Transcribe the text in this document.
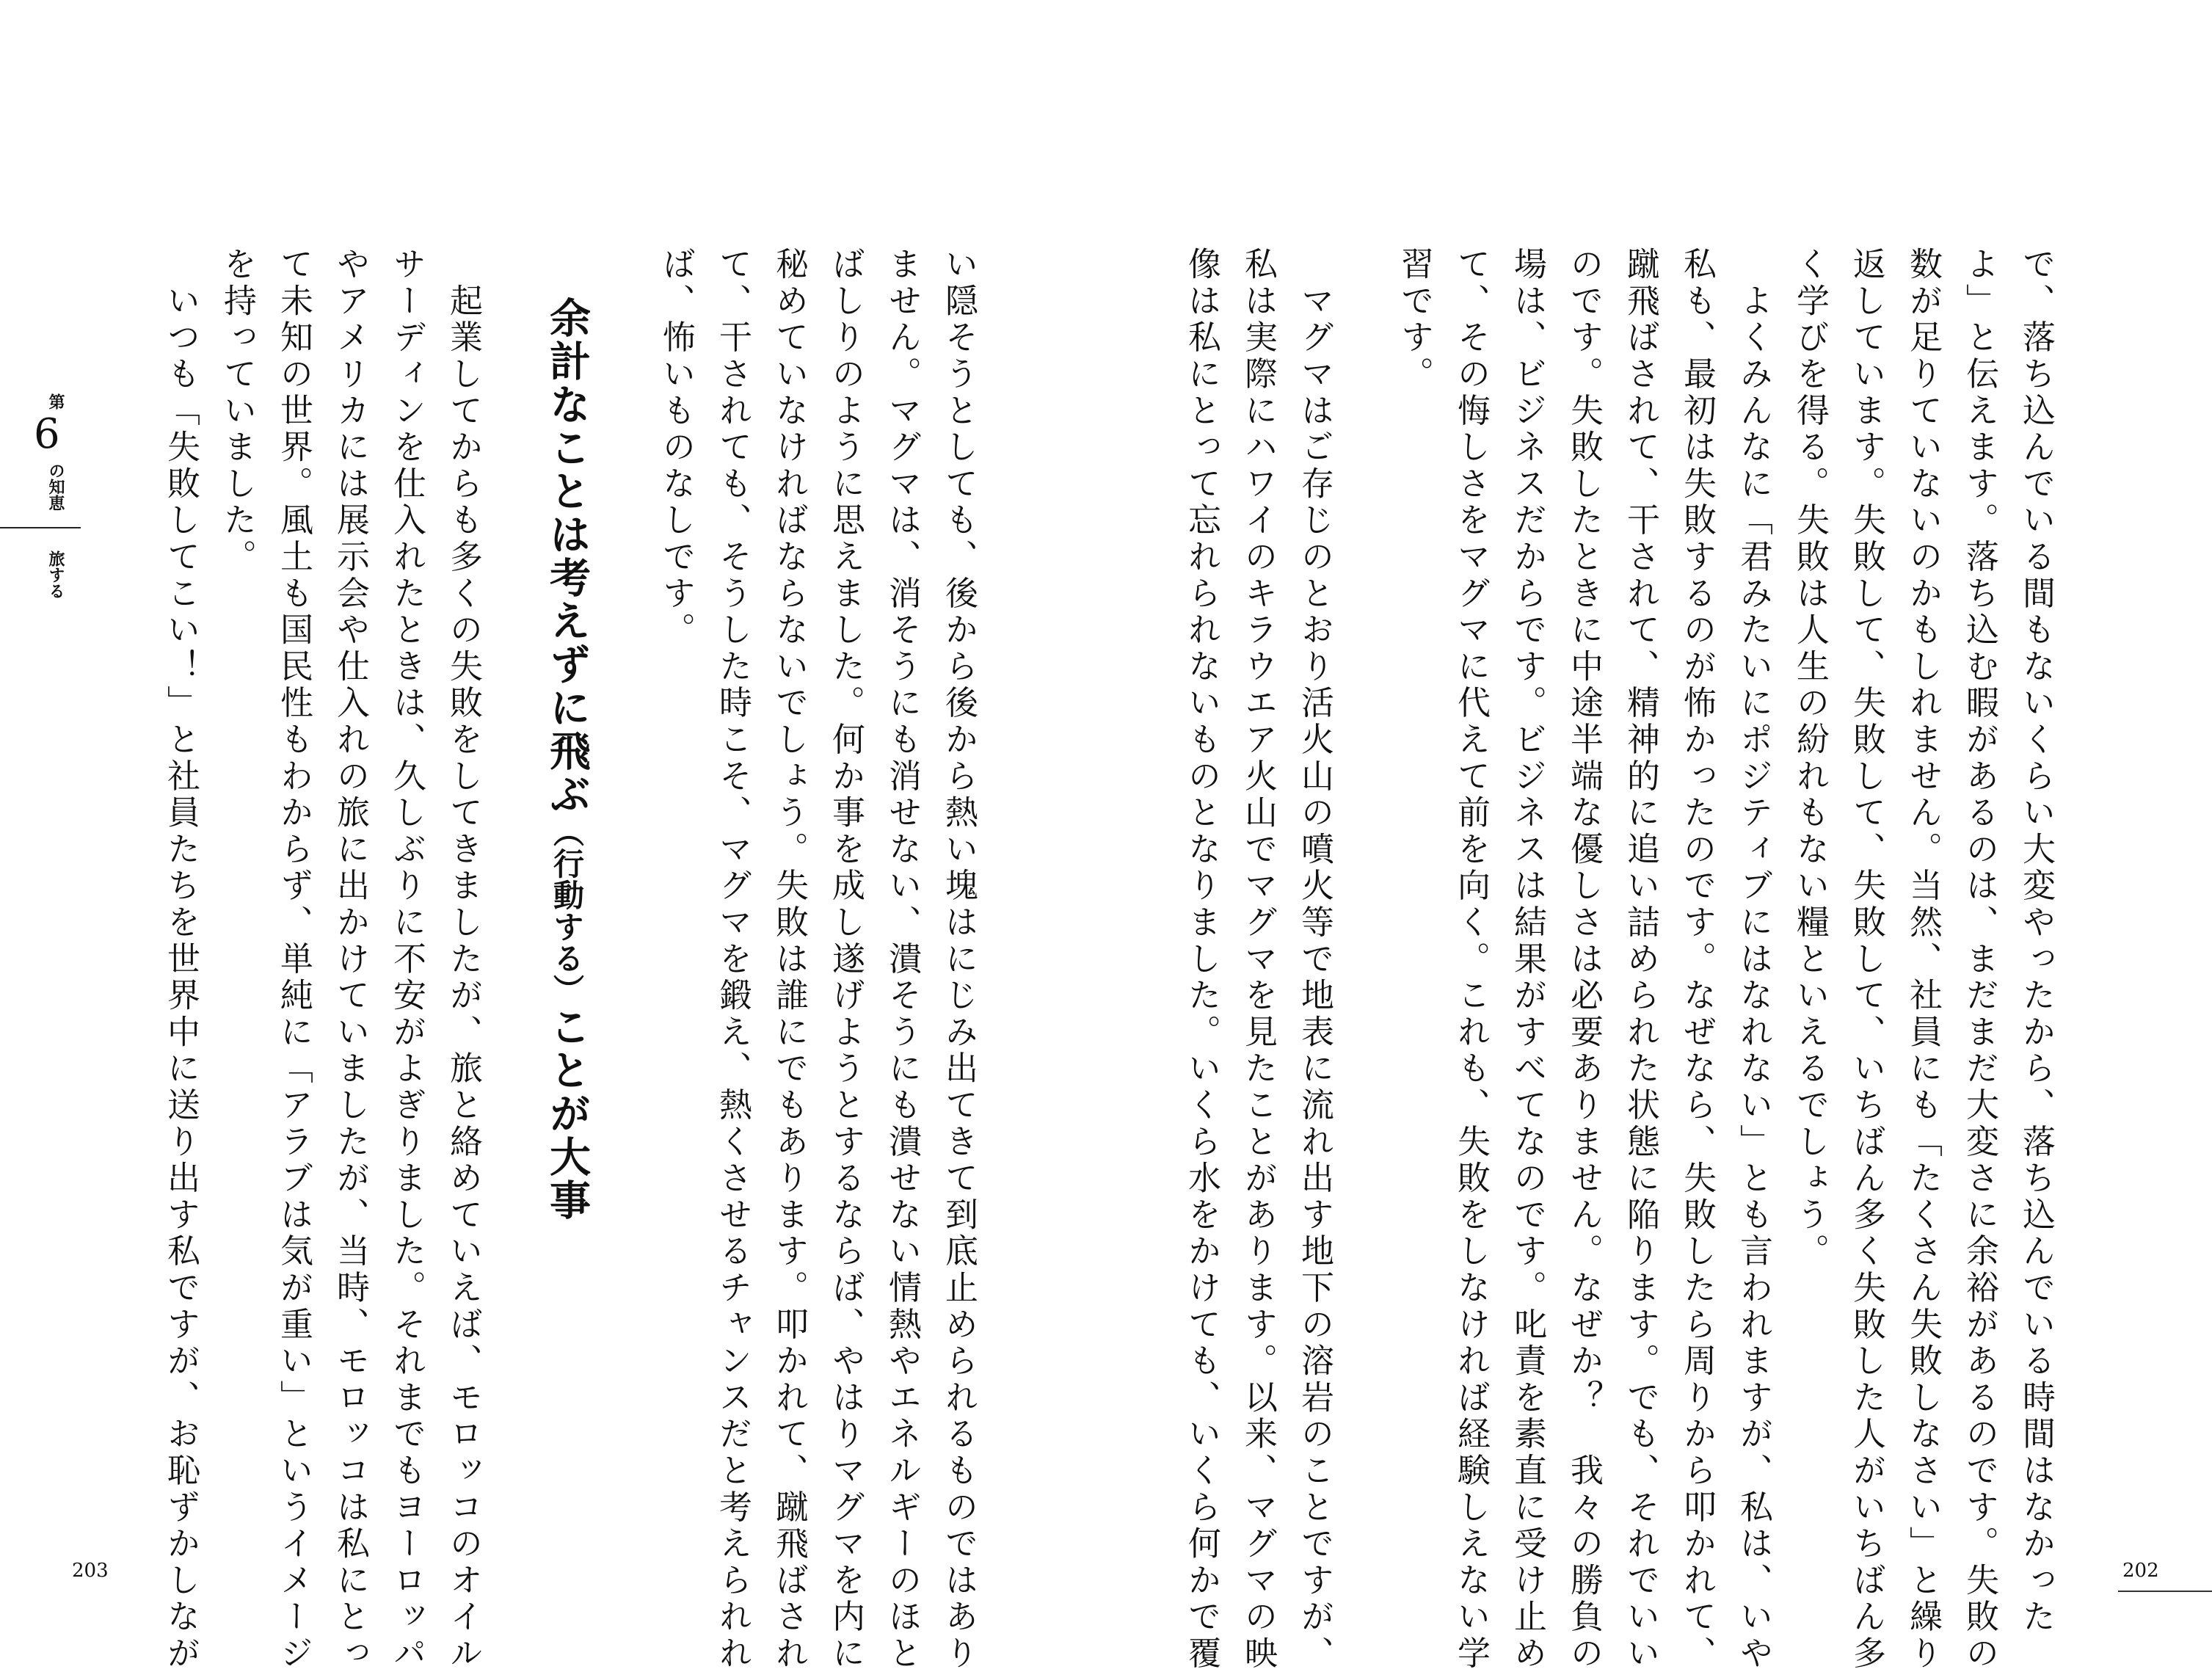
で、落ち込んでいる間もないくらい大変やったから、落ち込んでいる時間はなかった
よ」と伝えます。落ち込む暇があるのは、まだまだ大変さに余裕があるのです。失敗の
数が足りていないのかもしれません。当然、社員にも「たくさん失敗しなさい」と繰り
返しています。失敗して、失敗して、失敗して、いちばん多く失敗した人がいちばん多
く学びを得る。失敗は人生の紛れもない糧といえるでしょう。
　よくみんなに「君みたいにポジティブにはなれない」とも言われますが、私は、いや
私も、最初は失敗するのが怖かったのです。なぜなら、失敗したら周りから叩かれて、
蹴飛ばされて、干されて、精神的に追い詰められた状態に陥ります。でも、それでいい
のです。失敗したときに中途半端な優しさは必要ありません。なぜか？　我々の勝負の
場は、ビジネスだからです。ビジネスは結果がすべてなのです。叱責を素直に受け止め
て、その悔しさをマグマに代えて前を向く。これも、失敗をしなければ経験しえない学
習です。

　マグマはご存じのとおり活火山の噴火等で地表に流れ出す地下の溶岩のことですが、
私は実際にハワイのキラウエア火山でマグマを見たことがあります。以来、マグマの映
像は私にとって忘れられないものとなりました。いくら水をかけても、いくら何かで覆	202

い隠そうとしても、後から後から熱い塊はにじみ出てきて到底止められるものではあり
ません。マグマは、消そうにも消せない、潰そうにも潰せない情熱やエネルギーのほと
ばしりのように思えました。何か事を成し遂げようとするならば、やはりマグマを内に
秘めていなければならないでしょう。失敗は誰にでもあります。叩かれて、蹴飛ばされ
て、干されても、そうした時こそ、マグマを鍛え、熱くさせるチャンスだと考えられれ
ば、怖いものなしです。

余計なことは考えずに飛ぶ（行動する）ことが大事

　起業してからも多くの失敗をしてきましたが、旅と絡めていえば、モロッコのオイル
サーディンを仕入れたときは、久しぶりに不安がよぎりました。それまでもヨーロッパ
やアメリカには展示会や仕入れの旅に出かけていましたが、当時、モロッコは私にとっ
て未知の世界。風土も国民性もわからず、単純に「アラブは気が重い」というイメージ
を持っていました。
　いつも「失敗してこい！」と社員たちを世界中に送り出す私ですが、お恥ずかしなが

203
第
6
の知恵
旅する
